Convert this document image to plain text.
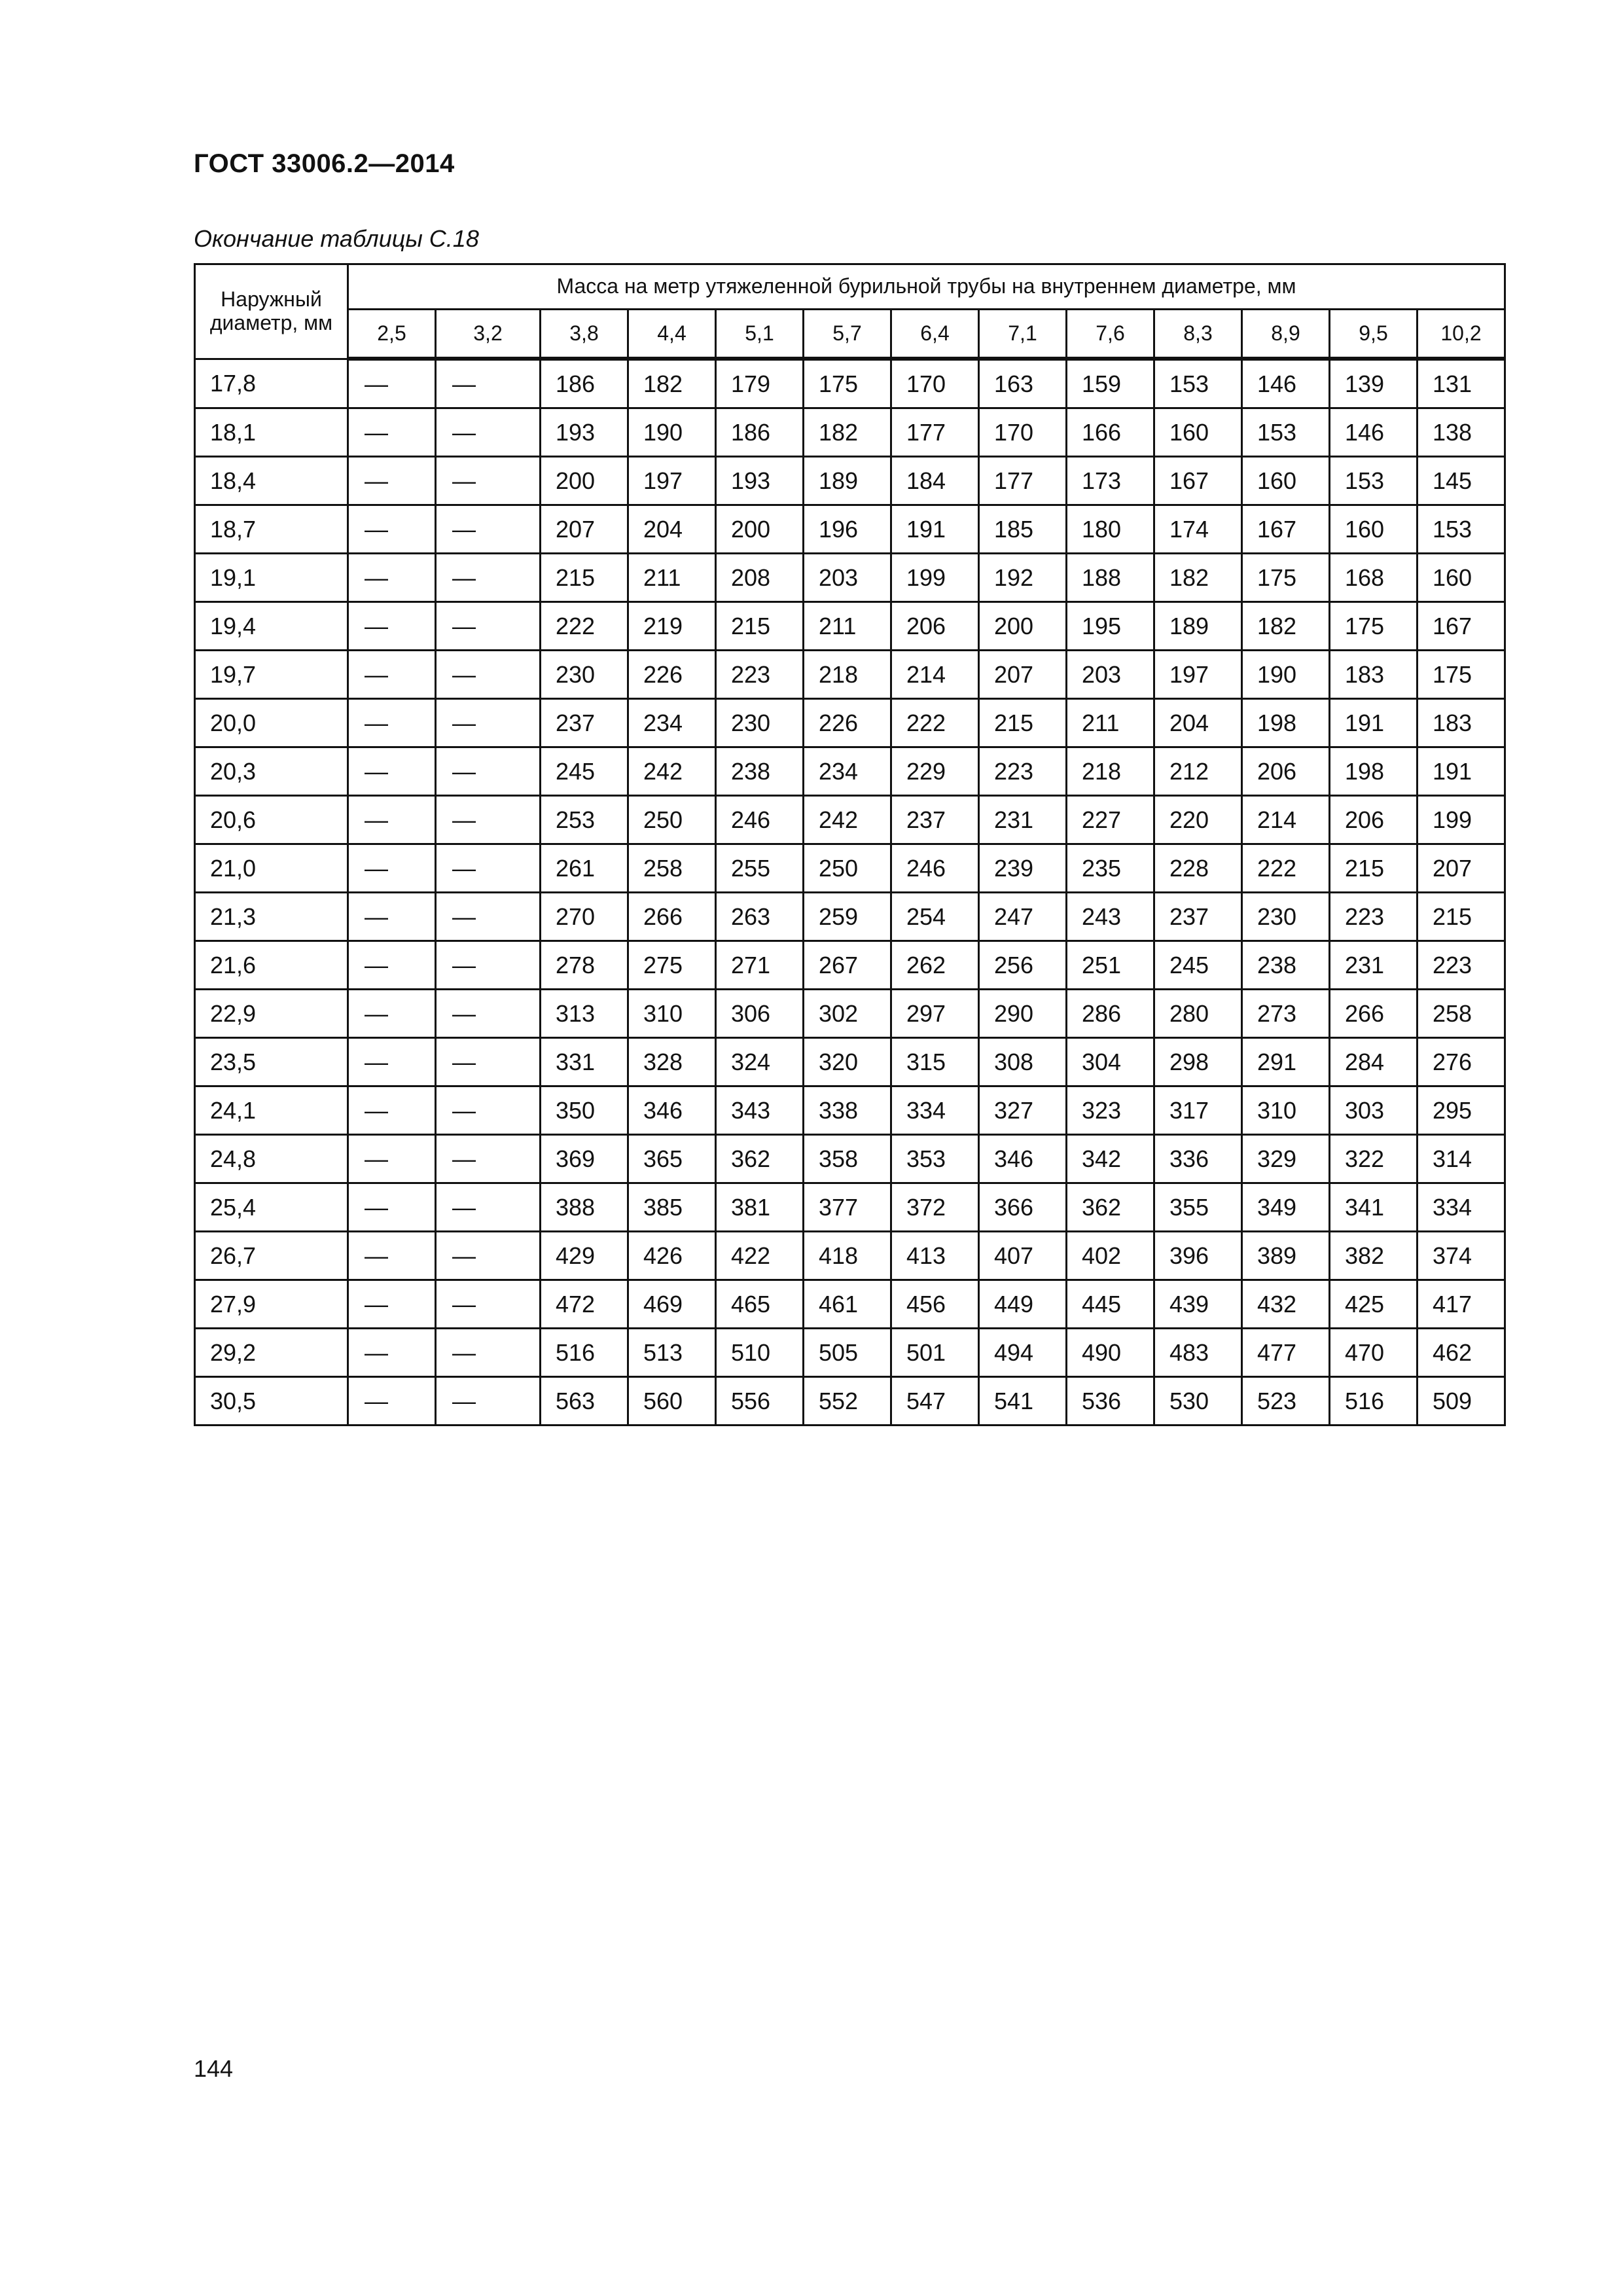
ГОСТ 33006.2—2014
Окончание таблицы С.18
Наружный диаметр, мм	Масса на метр утяжеленной бурильной трубы на внутреннем диаметре, мм												
	2,5	3,2	3,8	4,4	5,1	5,7	6,4	7,1	7,6	8,3	8,9	9,5	10,2
17,8	—	—	186	182	179	175	170	163	159	153	146	139	131
18,1	—	—	193	190	186	182	177	170	166	160	153	146	138
18,4	—	—	200	197	193	189	184	177	173	167	160	153	145
18,7	—	—	207	204	200	196	191	185	180	174	167	160	153
19,1	—	—	215	211	208	203	199	192	188	182	175	168	160
19,4	—	—	222	219	215	211	206	200	195	189	182	175	167
19,7	—	—	230	226	223	218	214	207	203	197	190	183	175
20,0	—	—	237	234	230	226	222	215	211	204	198	191	183
20,3	—	—	245	242	238	234	229	223	218	212	206	198	191
20,6	—	—	253	250	246	242	237	231	227	220	214	206	199
21,0	—	—	261	258	255	250	246	239	235	228	222	215	207
21,3	—	—	270	266	263	259	254	247	243	237	230	223	215
21,6	—	—	278	275	271	267	262	256	251	245	238	231	223
22,9	—	—	313	310	306	302	297	290	286	280	273	266	258
23,5	—	—	331	328	324	320	315	308	304	298	291	284	276
24,1	—	—	350	346	343	338	334	327	323	317	310	303	295
24,8	—	—	369	365	362	358	353	346	342	336	329	322	314
25,4	—	—	388	385	381	377	372	366	362	355	349	341	334
26,7	—	—	429	426	422	418	413	407	402	396	389	382	374
27,9	—	—	472	469	465	461	456	449	445	439	432	425	417
29,2	—	—	516	513	510	505	501	494	490	483	477	470	462
30,5	—	—	563	560	556	552	547	541	536	530	523	516	509
144
